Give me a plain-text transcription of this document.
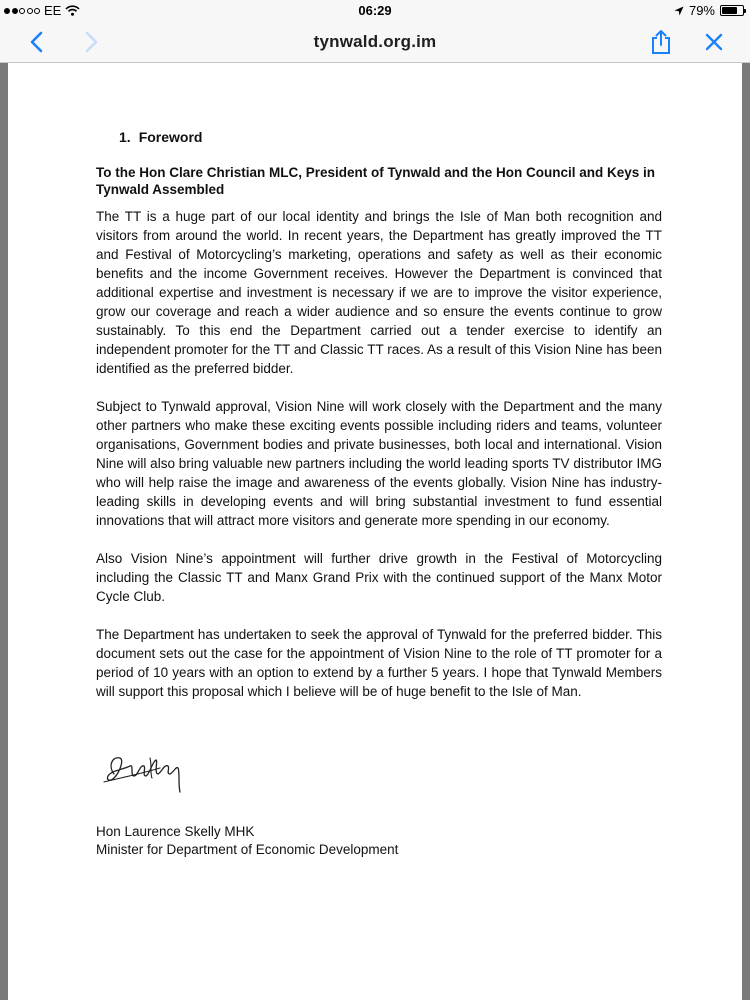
EE	06:29	79%
tynwald.org.im
1. Foreword
To the Hon Clare Christian MLC, President of Tynwald and the Hon Council and Keys in Tynwald Assembled

The TT is a huge part of our local identity and brings the Isle of Man both recognition and visitors from around the world. In recent years, the Department has greatly improved the TT and Festival of Motorcycling’s marketing, operations and safety as well as their economic benefits and the income Government receives. However the Department is convinced that additional expertise and investment is necessary if we are to improve the visitor experience, grow our coverage and reach a wider audience and so ensure the events continue to grow sustainably. To this end the Department carried out a tender exercise to identify an independent promoter for the TT and Classic TT races. As a result of this Vision Nine has been identified as the preferred bidder.

Subject to Tynwald approval, Vision Nine will work closely with the Department and the many other partners who make these exciting events possible including riders and teams, volunteer organisations, Government bodies and private businesses, both local and international. Vision Nine will also bring valuable new partners including the world leading sports TV distributor IMG who will help raise the image and awareness of the events globally. Vision Nine has industry-leading skills in developing events and will bring substantial investment to fund essential innovations that will attract more visitors and generate more spending in our economy.

Also Vision Nine’s appointment will further drive growth in the Festival of Motorcycling including the Classic TT and Manx Grand Prix with the continued support of the Manx Motor Cycle Club.

The Department has undertaken to seek the approval of Tynwald for the preferred bidder. This document sets out the case for the appointment of Vision Nine to the role of TT promoter for a period of 10 years with an option to extend by a further 5 years. I hope that Tynwald Members will support this proposal which I believe will be of huge benefit to the Isle of Man.

Hon Laurence Skelly MHK
Minister for Department of Economic Development
